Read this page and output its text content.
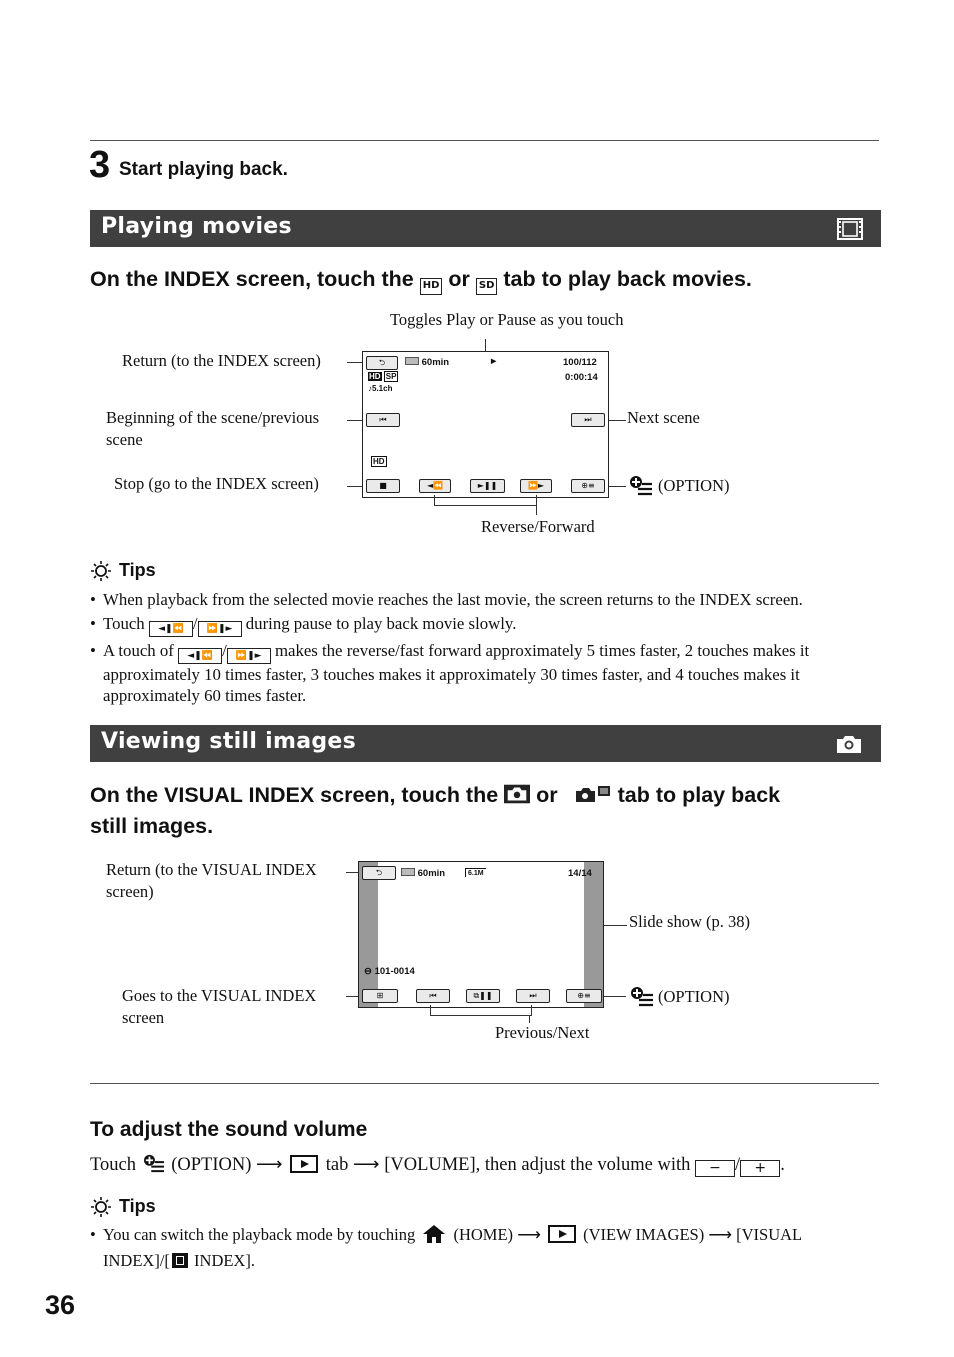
3 Start playing back.
Playing movies
On the INDEX screen, touch the HD or SD tab to play back movies.
Toggles Play or Pause as you touch
Return (to the INDEX screen)
Beginning of the scene/previous scene
Next scene
Stop (go to the INDEX screen)	(OPTION)
⮌	60min	►	100/112
0:00:14
HD SP
♪5.1ch
⏮	⏭
HD
■	◄⏪	►❚❚	⏩►	⊕≡
Reverse/Forward
Tips
• When playback from the selected movie reaches the last movie, the screen returns to the INDEX screen.
• Touch ◄❚⏪ / ⏩❚► during pause to play back movie slowly.
• A touch of ◄❚⏪ / ⏩❚► makes the reverse/fast forward approximately 5 times faster, 2 touches makes it approximately 10 times faster, 3 touches makes it approximately 30 times faster, and 4 touches makes it approximately 60 times faster.
Viewing still images
On the VISUAL INDEX screen, touch the or	tab to play back
still images.
Return (to the VISUAL INDEX
screen)
Slide show (p. 38)
Goes to the VISUAL INDEX
screen
(OPTION)
⮌	60min	6.1M	14/14
⊖ 101-0014
⊞	⏮	⧉❚❚	⏭	⊕≡
Previous/Next
To adjust the sound volume
Touch (OPTION) ⟶ tab ⟶ [VOLUME], then adjust the volume with − / + .
Tips
• You can switch the playback mode by touching (HOME) ⟶	(VIEW IMAGES) ⟶ [VISUAL
INDEX]/[ INDEX].
36
